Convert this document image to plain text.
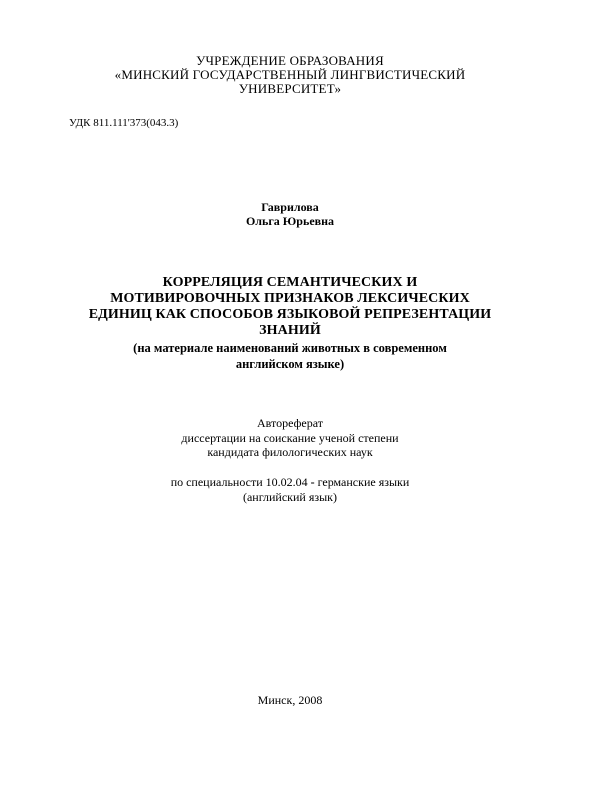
УЧРЕЖДЕНИЕ ОБРАЗОВАНИЯ
«МИНСКИЙ ГОСУДАРСТВЕННЫЙ ЛИНГВИСТИЧЕСКИЙ
УНИВЕРСИТЕТ»
УДК 811.111'373(043.3)
Гаврилова
Ольга Юрьевна
КОРРЕЛЯЦИЯ СЕМАНТИЧЕСКИХ И
МОТИВИРОВОЧНЫХ ПРИЗНАКОВ ЛЕКСИЧЕСКИХ
ЕДИНИЦ КАК СПОСОБОВ ЯЗЫКОВОЙ РЕПРЕЗЕНТАЦИИ
ЗНАНИЙ
(на материале наименований животных в современном
английском языке)
Автореферат
диссертации на соискание ученой степени
кандидата филологических наук
по специальности 10.02.04 - германские языки
(английский язык)
Минск, 2008
